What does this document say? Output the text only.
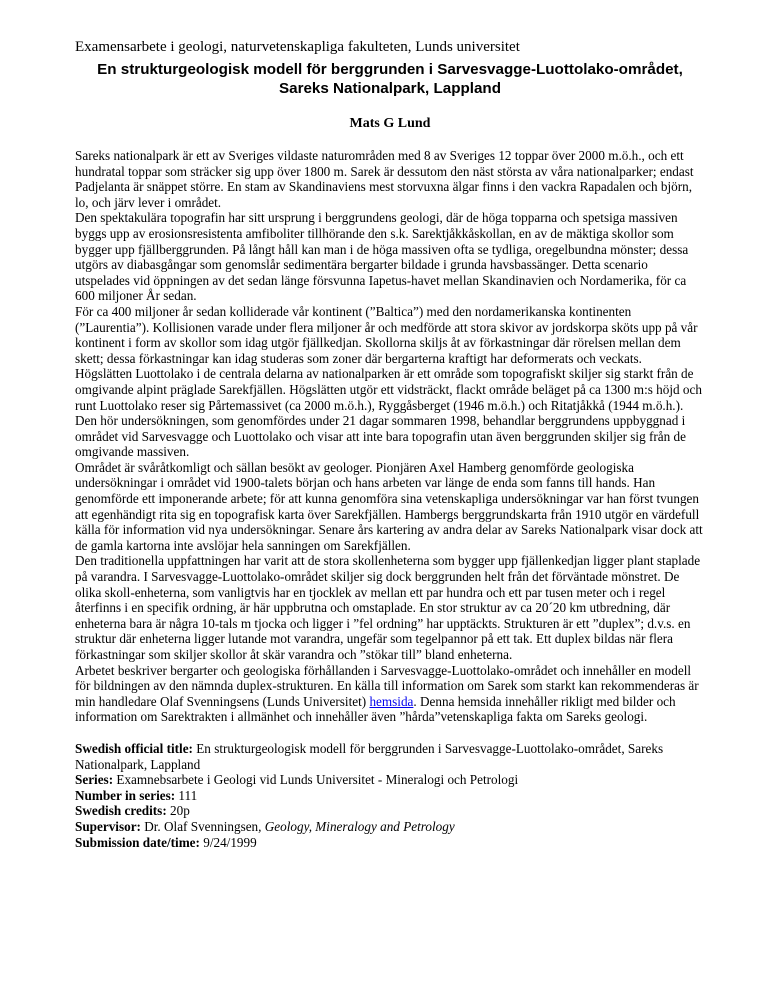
Examensarbete i geologi, naturvetenskapliga fakulteten, Lunds universitet
En strukturgeologisk modell för berggrunden i Sarvesvagge-Luottolako-området,
Sareks Nationalpark, Lappland
Mats G Lund

Sareks nationalpark är ett av Sveriges vildaste naturområden med 8 av Sveriges 12 toppar över 2000 m.ö.h., och ett hundratal toppar som sträcker sig upp över 1800 m. Sarek är dessutom den näst största av våra nationalparker; endast Padjelanta är snäppet större. En stam av Skandinaviens mest storvuxna älgar finns i den vackra Rapadalen och björn, lo, och järv lever i området.

Den spektakulära topografin har sitt ursprung i berggrundens geologi, där de höga topparna och spetsiga massiven byggs upp av erosionsresistenta amfiboliter tillhörande den s.k. Sarektjåkkåskollan, en av de mäktiga skollor som bygger upp fjällberggrunden. På långt håll kan man i de höga massiven ofta se tydliga, oregelbundna mönster; dessa utgörs av diabasgångar som genomslår sedimentära bergarter bildade i grunda havsbassänger. Detta scenario utspelades vid öppningen av det sedan länge försvunna Iapetus-havet mellan Skandinavien och Nordamerika, för ca 600 miljoner År sedan.

För ca 400 miljoner år sedan kolliderade vår kontinent (”Baltica”) med den nordamerikanska kontinenten (”Laurentia”). Kollisionen varade under flera miljoner år och medförde att stora skivor av jordskorpa sköts upp på vår kontinent i form av skollor som idag utgör fjällkedjan. Skollorna skiljs åt av förkastningar där rörelsen mellan dem skett; dessa förkastningar kan idag studeras som zoner där bergarterna kraftigt har deformerats och veckats.

Högslätten Luottolako i de centrala delarna av nationalparken är ett område som topografiskt skiljer sig starkt från de omgivande alpint präglade Sarekfjällen. Högslätten utgör ett vidsträckt, flackt område beläget på ca 1300 m:s höjd och runt Luottolako reser sig Pårtemassivet (ca 2000 m.ö.h.), Ryggåsberget (1946 m.ö.h.) och Ritatjåkkå (1944 m.ö.h.). Den hör undersökningen, som genomfördes under 21 dagar sommaren 1998, behandlar berggrundens uppbyggnad i området vid Sarvesvagge och Luottolako och visar att inte bara topografin utan även berggrunden skiljer sig från de omgivande massiven.

Området är svåråtkomligt och sällan besökt av geologer. Pionjären Axel Hamberg genomförde geologiska undersökningar i området vid 1900-talets början och hans arbeten var länge de enda som fanns till hands. Han genomförde ett imponerande arbete; för att kunna genomföra sina vetenskapliga undersökningar var han först tvungen att egenhändigt rita sig en topografisk karta över Sarekfjällen. Hambergs berggrundskarta från 1910 utgör en värdefull källa för information vid nya undersökningar. Senare års kartering av andra delar av Sareks Nationalpark visar dock att de gamla kartorna inte avslöjar hela sanningen om Sarekfjällen.

Den traditionella uppfattningen har varit att de stora skollenheterna som bygger upp fjällenkedjan ligger plant staplade på varandra. I Sarvesvagge-Luottolako-området skiljer sig dock berggrunden helt från det förväntade mönstret. De olika skoll-enheterna, som vanligtvis har en tjocklek av mellan ett par hundra och ett par tusen meter och i regel återfinns i en specifik ordning, är här uppbrutna och omstaplade. En stor struktur av ca 20´20 km utbredning, där enheterna bara är några 10-tals m tjocka och ligger i ”fel ordning” har upptäckts. Strukturen är ett ”duplex”; d.v.s. en struktur där enheterna ligger lutande mot varandra, ungefär som tegelpannor på ett tak. Ett duplex bildas när flera förkastningar som skiljer skollor åt skär varandra och ”stökar till” bland enheterna.

Arbetet beskriver bergarter och geologiska förhållanden i Sarvesvagge-Luottolako-området och innehåller en modell för bildningen av den nämnda duplex-strukturen. En källa till information om Sarek som starkt kan rekommenderas är min handledare Olaf Svenningsens (Lunds Universitet) hemsida. Denna hemsida innehåller rikligt med bilder och information om Sarektrakten i allmänhet och innehåller även ”hårda”vetenskapliga fakta om Sareks geologi.

Swedish official title: En strukturgeologisk modell för berggrunden i Sarvesvagge-Luottolako-området, Sareks Nationalpark, Lappland
Series: Examnebsarbete i Geologi vid Lunds Universitet - Mineralogi och Petrologi
Number in series: 111
Swedish credits: 20p
Supervisor: Dr. Olaf Svenningsen, Geology, Mineralogy and Petrology
Submission date/time: 9/24/1999
